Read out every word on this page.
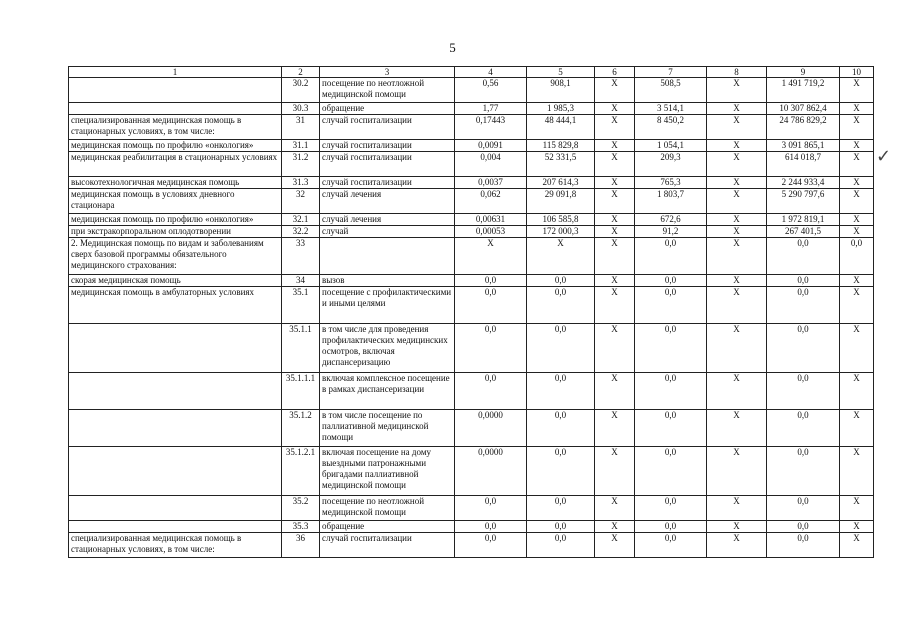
5
1	2	3	4	5	6	7	8	9	10
	30.2	посещение по неотложной медицинской помощи	0,56	908,1	X	508,5	X	1 491 719,2	X
	30.3	обращение	1,77	1 985,3	X	3 514,1	X	10 307 862,4	X
специализированная медицинская помощь в стационарных условиях, в том числе:	31	случай госпитализации	0,17443	48 444,1	X	8 450,2	X	24 786 829,2	X
медицинская помощь по профилю «онкология»	31.1	случай госпитализации	0,0091	115 829,8	X	1 054,1	X	3 091 865,1	X
медицинская реабилитация в стационарных условиях	31.2	случай госпитализации	0,004	52 331,5	X	209,3	X	614 018,7	X
высокотехнологичная медицинская помощь	31.3	случай госпитализации	0,0037	207 614,3	X	765,3	X	2 244 933,4	X
медицинская помощь в условиях дневного стационара	32	случай лечения	0,062	29 091,8	X	1 803,7	X	5 290 797,6	X
медицинская помощь по профилю «онкология»	32.1	случай лечения	0,00631	106 585,8	X	672,6	X	1 972 819,1	X
при экстракорпоральном оплодотворении	32.2	случай	0,00053	172 000,3	X	91,2	X	267 401,5	X
2. Медицинская помощь по видам и заболеваниям сверх базовой программы обязательного медицинского страхования:	33		X	X	X	0,0	X	0,0	0,0
скорая медицинская помощь	34	вызов	0,0	0,0	X	0,0	X	0,0	X
медицинская помощь в амбулаторных условиях	35.1	посещение с профилактическими и иными целями	0,0	0,0	X	0,0	X	0,0	X
	35.1.1	в том числе для проведения профилактических медицинских осмотров, включая диспансеризацию	0,0	0,0	X	0,0	X	0,0	X
	35.1.1.1	включая комплексное посещение в рамках диспансеризации	0,0	0,0	X	0,0	X	0,0	X
	35.1.2	в том числе посещение по паллиативной медицинской помощи	0,0000	0,0	X	0,0	X	0,0	X
	35.1.2.1	включая посещение на дому выездными патронажными бригадами паллиативной медицинской помощи	0,0000	0,0	X	0,0	X	0,0	X
	35.2	посещение по неотложной медицинской помощи	0,0	0,0	X	0,0	X	0,0	X
	35.3	обращение	0,0	0,0	X	0,0	X	0,0	X
специализированная медицинская помощь в стационарных условиях, в том числе:	36	случай госпитализации	0,0	0,0	X	0,0	X	0,0	X
✓
